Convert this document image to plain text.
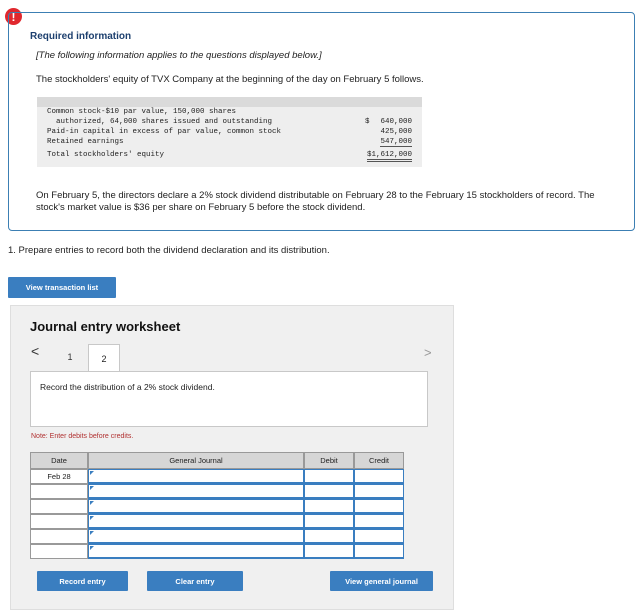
!
Required information
[The following information applies to the questions displayed below.]
The stockholders' equity of TVX Company at the beginning of the day on February 5 follows.
Common stock-$10 par value, 150,000 shares
authorized, 64,000 shares issued and outstanding	$ 640,000
Paid-in capital in excess of par value, common stock	425,000
Retained earnings	547,000
Total stockholders' equity	$1,612,000
On February 5, the directors declare a 2% stock dividend distributable on February 28 to the February 15 stockholders of record. The stock's market value is $36 per share on February 5 before the stock dividend.
1. Prepare entries to record both the dividend declaration and its distribution.
View transaction list
Journal entry worksheet
<	1	2	>
Record the distribution of a 2% stock dividend.
Note: Enter debits before credits.
Date	General Journal	Debit	Credit
Feb 28
Record entry	Clear entry	View general journal
